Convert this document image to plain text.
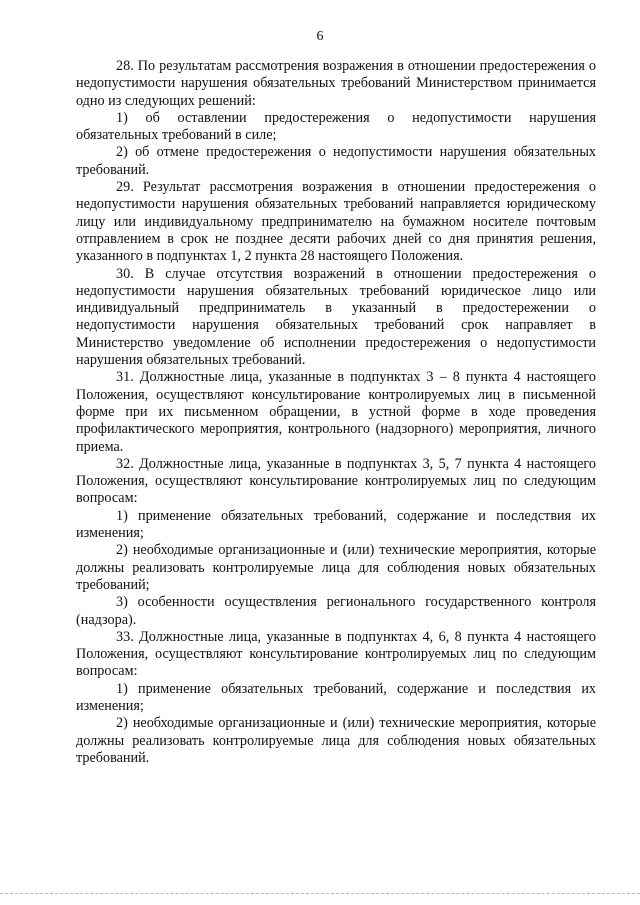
6

28. По результатам рассмотрения возражения в отношении предостережения о недопустимости нарушения обязательных требований Министерством принимается одно из следующих решений:

1) об оставлении предостережения о недопустимости нарушения обязательных требований в силе;

2) об отмене предостережения о недопустимости нарушения обязательных требований.

29. Результат рассмотрения возражения в отношении предостережения о недопустимости нарушения обязательных требований направляется юридическому лицу или индивидуальному предпринимателю на бумажном носителе почтовым отправлением в срок не позднее десяти рабочих дней со дня принятия решения, указанного в подпунктах 1, 2 пункта 28 настоящего Положения.

30. В случае отсутствия возражений в отношении предостережения о недопустимости нарушения обязательных требований юридическое лицо или индивидуальный предприниматель в указанный в предостережении о недопустимости нарушения обязательных требований срок направляет в Министерство уведомление об исполнении предостережения о недопустимости нарушения обязательных требований.

31. Должностные лица, указанные в подпунктах 3 – 8 пункта 4 настоящего Положения, осуществляют консультирование контролируемых лиц в письменной форме при их письменном обращении, в устной форме в ходе проведения профилактического мероприятия, контрольного (надзорного) мероприятия, личного приема.

32. Должностные лица, указанные в подпунктах 3, 5, 7 пункта 4 настоящего Положения, осуществляют консультирование контролируемых лиц по следующим вопросам:

1) применение обязательных требований, содержание и последствия их изменения;

2) необходимые организационные и (или) технические мероприятия, которые должны реализовать контролируемые лица для соблюдения новых обязательных требований;

3) особенности осуществления регионального государственного контроля (надзора).

33. Должностные лица, указанные в подпунктах 4, 6, 8 пункта 4 настоящего Положения, осуществляют консультирование контролируемых лиц по следующим вопросам:

1) применение обязательных требований, содержание и последствия их изменения;

2) необходимые организационные и (или) технические мероприятия, которые должны реализовать контролируемые лица для соблюдения новых обязательных требований.
